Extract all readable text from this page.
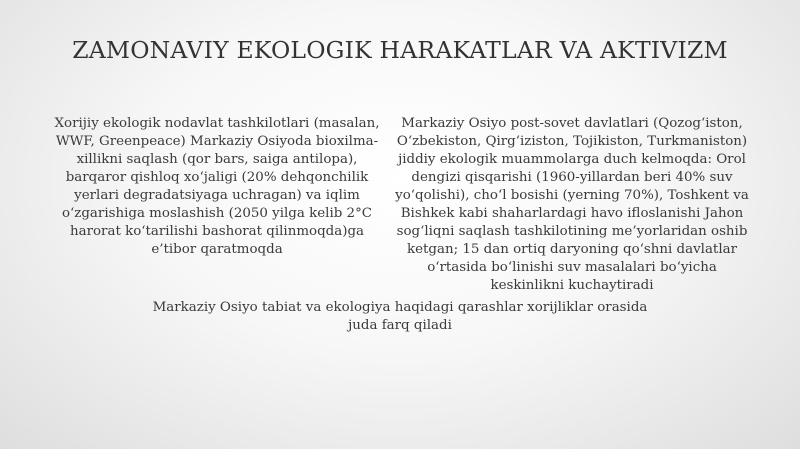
ZAMONAVIY EKOLOGIK HARAKATLAR VA AKTIVIZM
Xorijiy ekologik nodavlat tashkilotlari (masalan, WWF, Greenpeace) Markaziy Osiyoda bioxilma-xillikni saqlash (qor bars, saiga antilopa), barqaror qishloq xo‘jaligi (20% dehqonchilik yerlari degradatsiyaga uchragan) va iqlim o‘zgarishiga moslashish (2050 yilga kelib 2°C harorat ko‘tarilishi bashorat qilinmoqda)ga e’tibor qaratmoqda
Markaziy Osiyo post-sovet davlatlari (Qozog‘iston, O‘zbekiston, Qirg‘iziston, Tojikiston, Turkmaniston) jiddiy ekologik muammolarga duch kelmoqda: Orol dengizi qisqarishi (1960-yillardan beri 40% suv yo‘qolishi), cho‘l bosishi (yerning 70%), Toshkent va Bishkek kabi shaharlardagi havo ifloslanishi Jahon sog‘liqni saqlash tashkilotining me’yorlaridan oshib ketgan; 15 dan ortiq daryoning qo‘shni davlatlar o‘rtasida bo‘linishi suv masalalari bo‘yicha keskinlikni kuchaytiradi
Markaziy Osiyo tabiat va ekologiya haqidagi qarashlar xorijliklar orasida juda farq qiladi
